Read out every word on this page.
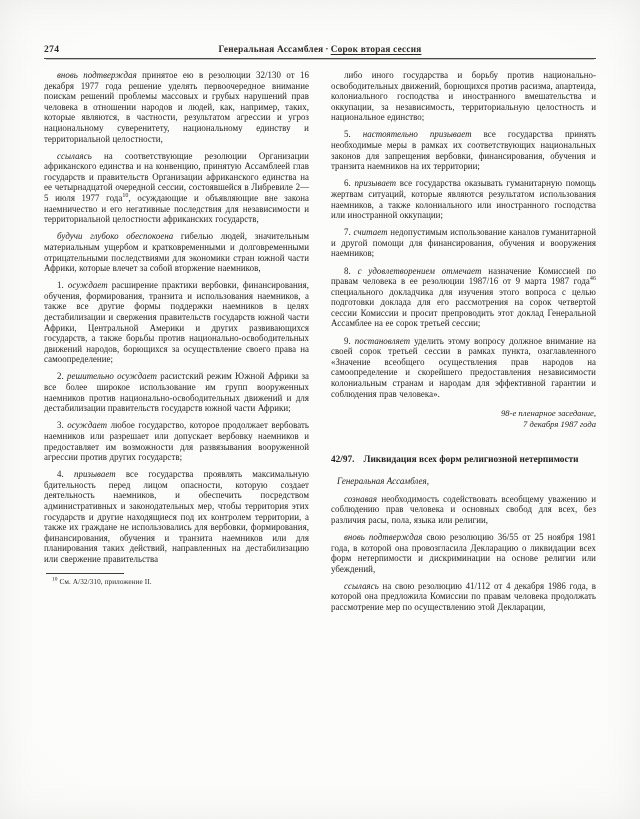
274	Генеральная Ассамблея · Сорок вторая сессия

вновь подтверждая принятое ею в резолюции 32/130 от 16 декабря 1977 года решение уделять первоочередное внимание поискам решений проблемы массовых и грубых нарушений прав человека в отношении народов и людей, как, например, таких, которые являются, в частности, результатом агрессии и угроз национальному суверенитету, национальному единству и территориальной целостности,

ссылаясь на соответствующие резолюции Организации африканского единства и на конвенцию, принятую Ассамблеей глав государств и правительств Организации африканского единства на ее четырнадцатой очередной сессии, состоявшейся в Либревиле 2—5 июля 1977 года$^{10}$, осуждающие и объявляющие вне закона наемничество и его негативные последствия для независимости и территориальной целостности африканских государств,

будучи глубоко обеспокоена гибелью людей, значительным материальным ущербом и кратковременными и долговременными отрицательными последствиями для экономики стран южной части Африки, которые влечет за собой вторжение наемников,

1. осуждает расширение практики вербовки, финансирования, обучения, формирования, транзита и использования наемников, а также все другие формы поддержки наемников в целях дестабилизации и свержения правительств государств южной части Африки, Центральной Америки и других развивающихся государств, а также борьбы против национально-освободительных движений народов, борющихся за осуществление своего права на самоопределение;

2. решительно осуждает расистский режим Южной Африки за все более широкое использование им групп вооруженных наемников против национально-освободительных движений и для дестабилизации правительств государств южной части Африки;

3. осуждает любое государство, которое продолжает вербовать наемников или разрешает или допускает вербовку наемников и предоставляет им возможности для развязывания вооруженной агрессии против других государств;

4. призывает все государства проявлять максимальную бдительность перед лицом опасности, которую создает деятельность наемников, и обеспечить посредством административных и законодательных мер, чтобы территория этих государств и другие находящиеся под их контролем территории, а также их граждане не использовались для вербовки, формирования, финансирования, обучения и транзита наемников или для планирования таких действий, направленных на дестабилизацию или свержение правительства

$^{10}$ См. A/32/310, приложение II.

либо иного государства и борьбу против национально-освободительных движений, борющихся против расизма, апартеида, колониального господства и иностранного вмешательства и оккупации, за независимость, территориальную целостность и национальное единство;

5. настоятельно призывает все государства принять необходимые меры в рамках их соответствующих национальных законов для запрещения вербовки, финансирования, обучения и транзита наемников на их территории;

6. призывает все государства оказывать гуманитарную помощь жертвам ситуаций, которые являются результатом использования наемников, а также колониального или иностранного господства или иностранной оккупации;

7. считает недопустимым использование каналов гуманитарной и другой помощи для финансирования, обучения и вооружения наемников;

8. с удовлетворением отмечает назначение Комиссией по правам человека в ее резолюции 1987/16 от 9 марта 1987 года$^{46}$ специального докладчика для изучения этого вопроса с целью подготовки доклада для его рассмотрения на сорок четвертой сессии Комиссии и просит препроводить этот доклад Генеральной Ассамблее на ее сорок третьей сессии;

9. постановляет уделить этому вопросу должное внимание на своей сорок третьей сессии в рамках пункта, озаглавленного «Значение всеобщего осуществления прав народов на самоопределение и скорейшего предоставления независимости колониальным странам и народам для эффективной гарантии и соблюдения прав человека».

98-е пленарное заседание,
7 декабря 1987 года
42/97. Ликвидация всех форм религиозной нетерпимости

Генеральная Ассамблея,

сознавая необходимость содействовать всеобщему уважению и соблюдению прав человека и основных свобод для всех, без различия расы, пола, языка или религии,

вновь подтверждая свою резолюцию 36/55 от 25 ноября 1981 года, в которой она провозгласила Декларацию о ликвидации всех форм нетерпимости и дискриминации на основе религии или убеждений,

ссылаясь на свою резолюцию 41/112 от 4 декабря 1986 года, в которой она предложила Комиссии по правам человека продолжать рассмотрение мер по осуществлению этой Декларации,
